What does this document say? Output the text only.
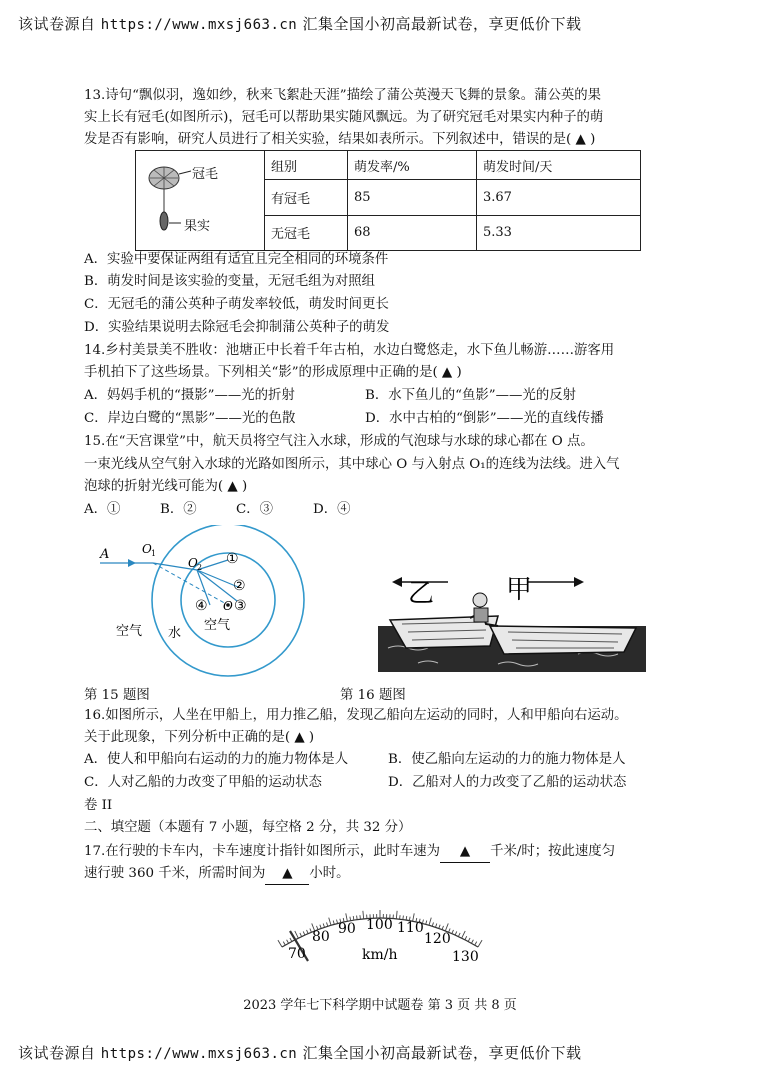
该试卷源自 https://www.mxsj663.cn 汇集全国小初高最新试卷，享更低价下载
13.诗句“飘似羽，逸如纱，秋来飞絮赴天涯”描绘了蒲公英漫天飞舞的景象。蒲公英的果
实上长有冠毛(如图所示)，冠毛可以帮助果实随风飘远。为了研究冠毛对果实内种子的萌
发是否有影响，研究人员进行了相关实验，结果如表所示。下列叙述中，错误的是( ▲ )
冠毛
果实	组别	萌发率/%	萌发时间/天
	有冠毛	85	3.67
	无冠毛	68	5.33
A．实验中要保证两组有适宜且完全相同的环境条件
B．萌发时间是该实验的变量，无冠毛组为对照组
C．无冠毛的蒲公英种子萌发率较低，萌发时间更长
D．实验结果说明去除冠毛会抑制蒲公英种子的萌发
14.乡村美景美不胜收：池塘正中长着千年古柏，水边白鹭悠走，水下鱼儿畅游……游客用
手机拍下了这些场景。下列相关“影”的形成原理中正确的是( ▲ )
A．妈妈手机的“摄影”——光的折射	B．水下鱼儿的“鱼影”——光的反射
C．岸边白鹭的“黑影”——光的色散	D．水中古柏的“倒影”——光的直线传播
15.在“天宫课堂”中，航天员将空气注入水球，形成的气泡球与水球的球心都在 O 点。
一束光线从空气射入水球的光路如图所示，其中球心 O 与入射点 O₁的连线为法线。进入气
泡球的折射光线可能为( ▲ )
A．①	B．②	C．③	D．④
A	O 1
O 2
O
①
②
③
④
空气 水
空气
乙	甲
第 15 题图	第 16 题图
16.如图所示，人坐在甲船上，用力推乙船，发现乙船向左运动的同时，人和甲船向右运动。
关于此现象，下列分析中正确的是( ▲ )
A．使人和甲船向右运动的力的施力物体是人	B．使乙船向左运动的力的施力物体是人
C．人对乙船的力改变了甲船的运动状态	D．乙船对人的力改变了乙船的运动状态
卷 II
二、填空题（本题有 7 小题，每空格 2 分，共 32 分）
17.在行驶的卡车内，卡车速度计指针如图所示，此时车速为 ▲ 千米/时；按此速度匀
速行驶 360 千米，所需时间为 ▲ 小时。
70
80 90 100 110
120
130
km/h
2023 学年七下科学期中试题卷 第 3 页 共 8 页
该试卷源自 https://www.mxsj663.cn 汇集全国小初高最新试卷，享更低价下载
